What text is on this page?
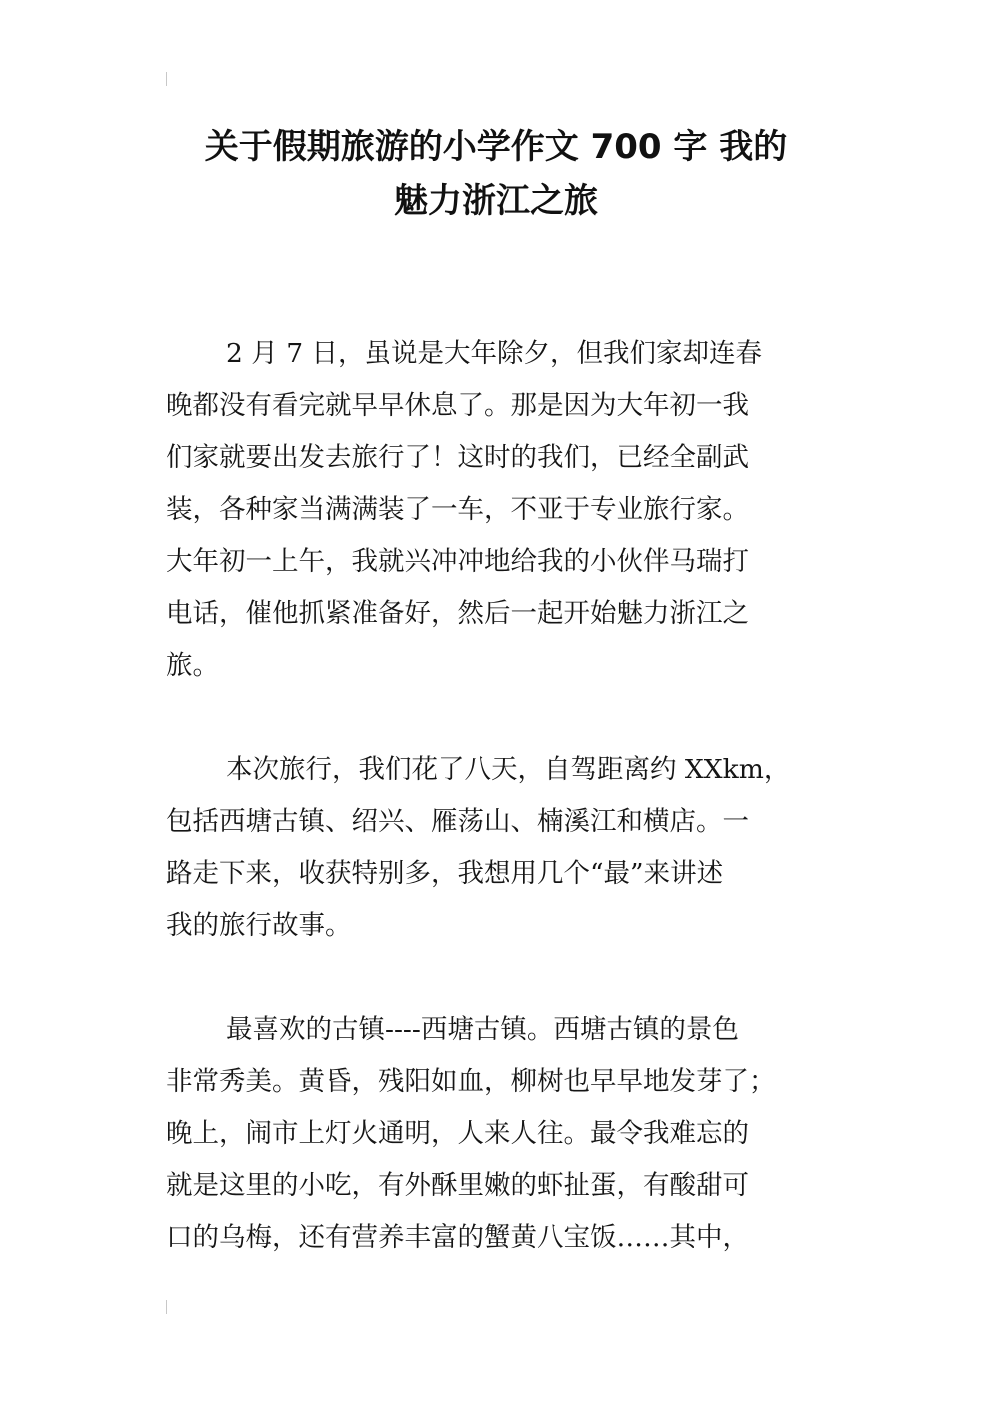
关于假期旅游的小学作文 700 字 我的
魅力浙江之旅
2 月 7 日，虽说是大年除夕，但我们家却连春
晚都没有看完就早早休息了。那是因为大年初一我
们家就要出发去旅行了！这时的我们，已经全副武
装，各种家当满满装了一车，不亚于专业旅行家。
大年初一上午，我就兴冲冲地给我的小伙伴马瑞打
电话，催他抓紧准备好，然后一起开始魅力浙江之
旅。
本次旅行，我们花了八天，自驾距离约 XXkm，
包括西塘古镇、绍兴、雁荡山、楠溪江和横店。一
路走下来，收获特别多，我想用几个“最”来讲述
我的旅行故事。
最喜欢的古镇----西塘古镇。西塘古镇的景色
非常秀美。黄昏，残阳如血，柳树也早早地发芽了；
晚上，闹市上灯火通明，人来人往。最令我难忘的
就是这里的小吃，有外酥里嫩的虾扯蛋，有酸甜可
口的乌梅，还有营养丰富的蟹黄八宝饭……其中，
